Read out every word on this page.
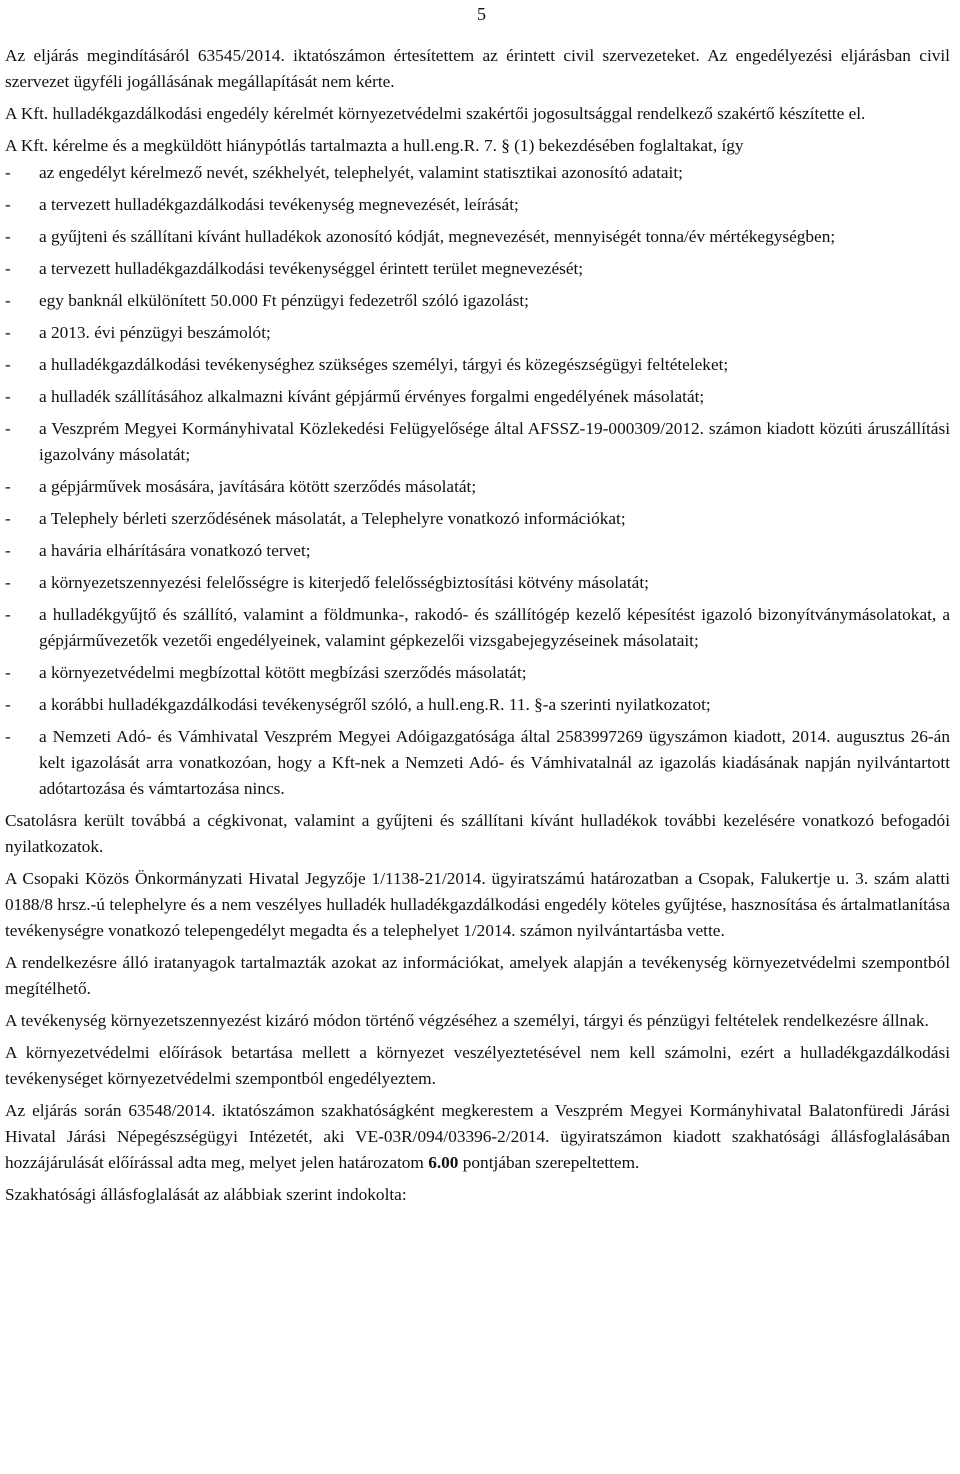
5

Az eljárás megindításáról 63545/2014. iktatószámon értesítettem az érintett civil szervezeteket. Az engedélyezési eljárásban civil szervezet ügyféli jogállásának megállapítását nem kérte.

A Kft. hulladékgazdálkodási engedély kérelmét környezetvédelmi szakértői jogosultsággal rendelkező szakértő készítette el.

A Kft. kérelme és a megküldött hiánypótlás tartalmazta a hull.eng.R. 7. § (1) bekezdésében foglaltakat, így

- az engedélyt kérelmező nevét, székhelyét, telephelyét, valamint statisztikai azonosító adatait;
- a tervezett hulladékgazdálkodási tevékenység megnevezését, leírását;
- a gyűjteni és szállítani kívánt hulladékok azonosító kódját, megnevezését, mennyiségét tonna/év mértékegységben;
- a tervezett hulladékgazdálkodási tevékenységgel érintett terület megnevezését;
- egy banknál elkülönített 50.000 Ft pénzügyi fedezetről szóló igazolást;
- a 2013. évi pénzügyi beszámolót;
- a hulladékgazdálkodási tevékenységhez szükséges személyi, tárgyi és közegészségügyi feltételeket;
- a hulladék szállításához alkalmazni kívánt gépjármű érvényes forgalmi engedélyének másolatát;
- a Veszprém Megyei Kormányhivatal Közlekedési Felügyelősége által AFSSZ-19-000309/2012. számon kiadott közúti áruszállítási igazolvány másolatát;
- a gépjárművek mosására, javítására kötött szerződés másolatát;
- a Telephely bérleti szerződésének másolatát, a Telephelyre vonatkozó információkat;
- a havária elhárítására vonatkozó tervet;
- a környezetszennyezési felelősségre is kiterjedő felelősségbiztosítási kötvény másolatát;
- a hulladékgyűjtő és szállító, valamint a földmunka-, rakodó- és szállítógép kezelő képesítést igazoló bizonyítványmásolatokat, a gépjárművezetők vezetői engedélyeinek, valamint gépkezelői vizsgabejegyzéseinek másolatait;
- a környezetvédelmi megbízottal kötött megbízási szerződés másolatát;
- a korábbi hulladékgazdálkodási tevékenységről szóló, a hull.eng.R. 11. §-a szerinti nyilatkozatot;
- a Nemzeti Adó- és Vámhivatal Veszprém Megyei Adóigazgatósága által 2583997269 ügyszámon kiadott, 2014. augusztus 26-án kelt igazolását arra vonatkozóan, hogy a Kft-nek a Nemzeti Adó- és Vámhivatalnál az igazolás kiadásának napján nyilvántartott adótartozása és vámtartozása nincs.

Csatolásra került továbbá a cégkivonat, valamint a gyűjteni és szállítani kívánt hulladékok további kezelésére vonatkozó befogadói nyilatkozatok.

A Csopaki Közös Önkormányzati Hivatal Jegyzője 1/1138-21/2014. ügyiratszámú határozatban a Csopak, Falukertje u. 3. szám alatti 0188/8 hrsz.-ú telephelyre és a nem veszélyes hulladék hulladékgazdálkodási engedély köteles gyűjtése, hasznosítása és ártalmatlanítása tevékenységre vonatkozó telepengedélyt megadta és a telephelyet 1/2014. számon nyilvántartásba vette.

A rendelkezésre álló iratanyagok tartalmazták azokat az információkat, amelyek alapján a tevékenység környezetvédelmi szempontból megítélhető.

A tevékenység környezetszennyezést kizáró módon történő végzéséhez a személyi, tárgyi és pénzügyi feltételek rendelkezésre állnak.

A környezetvédelmi előírások betartása mellett a környezet veszélyeztetésével nem kell számolni, ezért a hulladékgazdálkodási tevékenységet környezetvédelmi szempontból engedélyeztem.

Az eljárás során 63548/2014. iktatószámon szakhatóságként megkerestem a Veszprém Megyei Kormányhivatal Balatonfüredi Járási Hivatal Járási Népegészségügyi Intézetét, aki VE-03R/094/03396-2/2014. ügyiratszámon kiadott szakhatósági állásfoglalásában hozzájárulását előírással adta meg, melyet jelen határozatom 6.00 pontjában szerepeltettem.

Szakhatósági állásfoglalását az alábbiak szerint indokolta:
